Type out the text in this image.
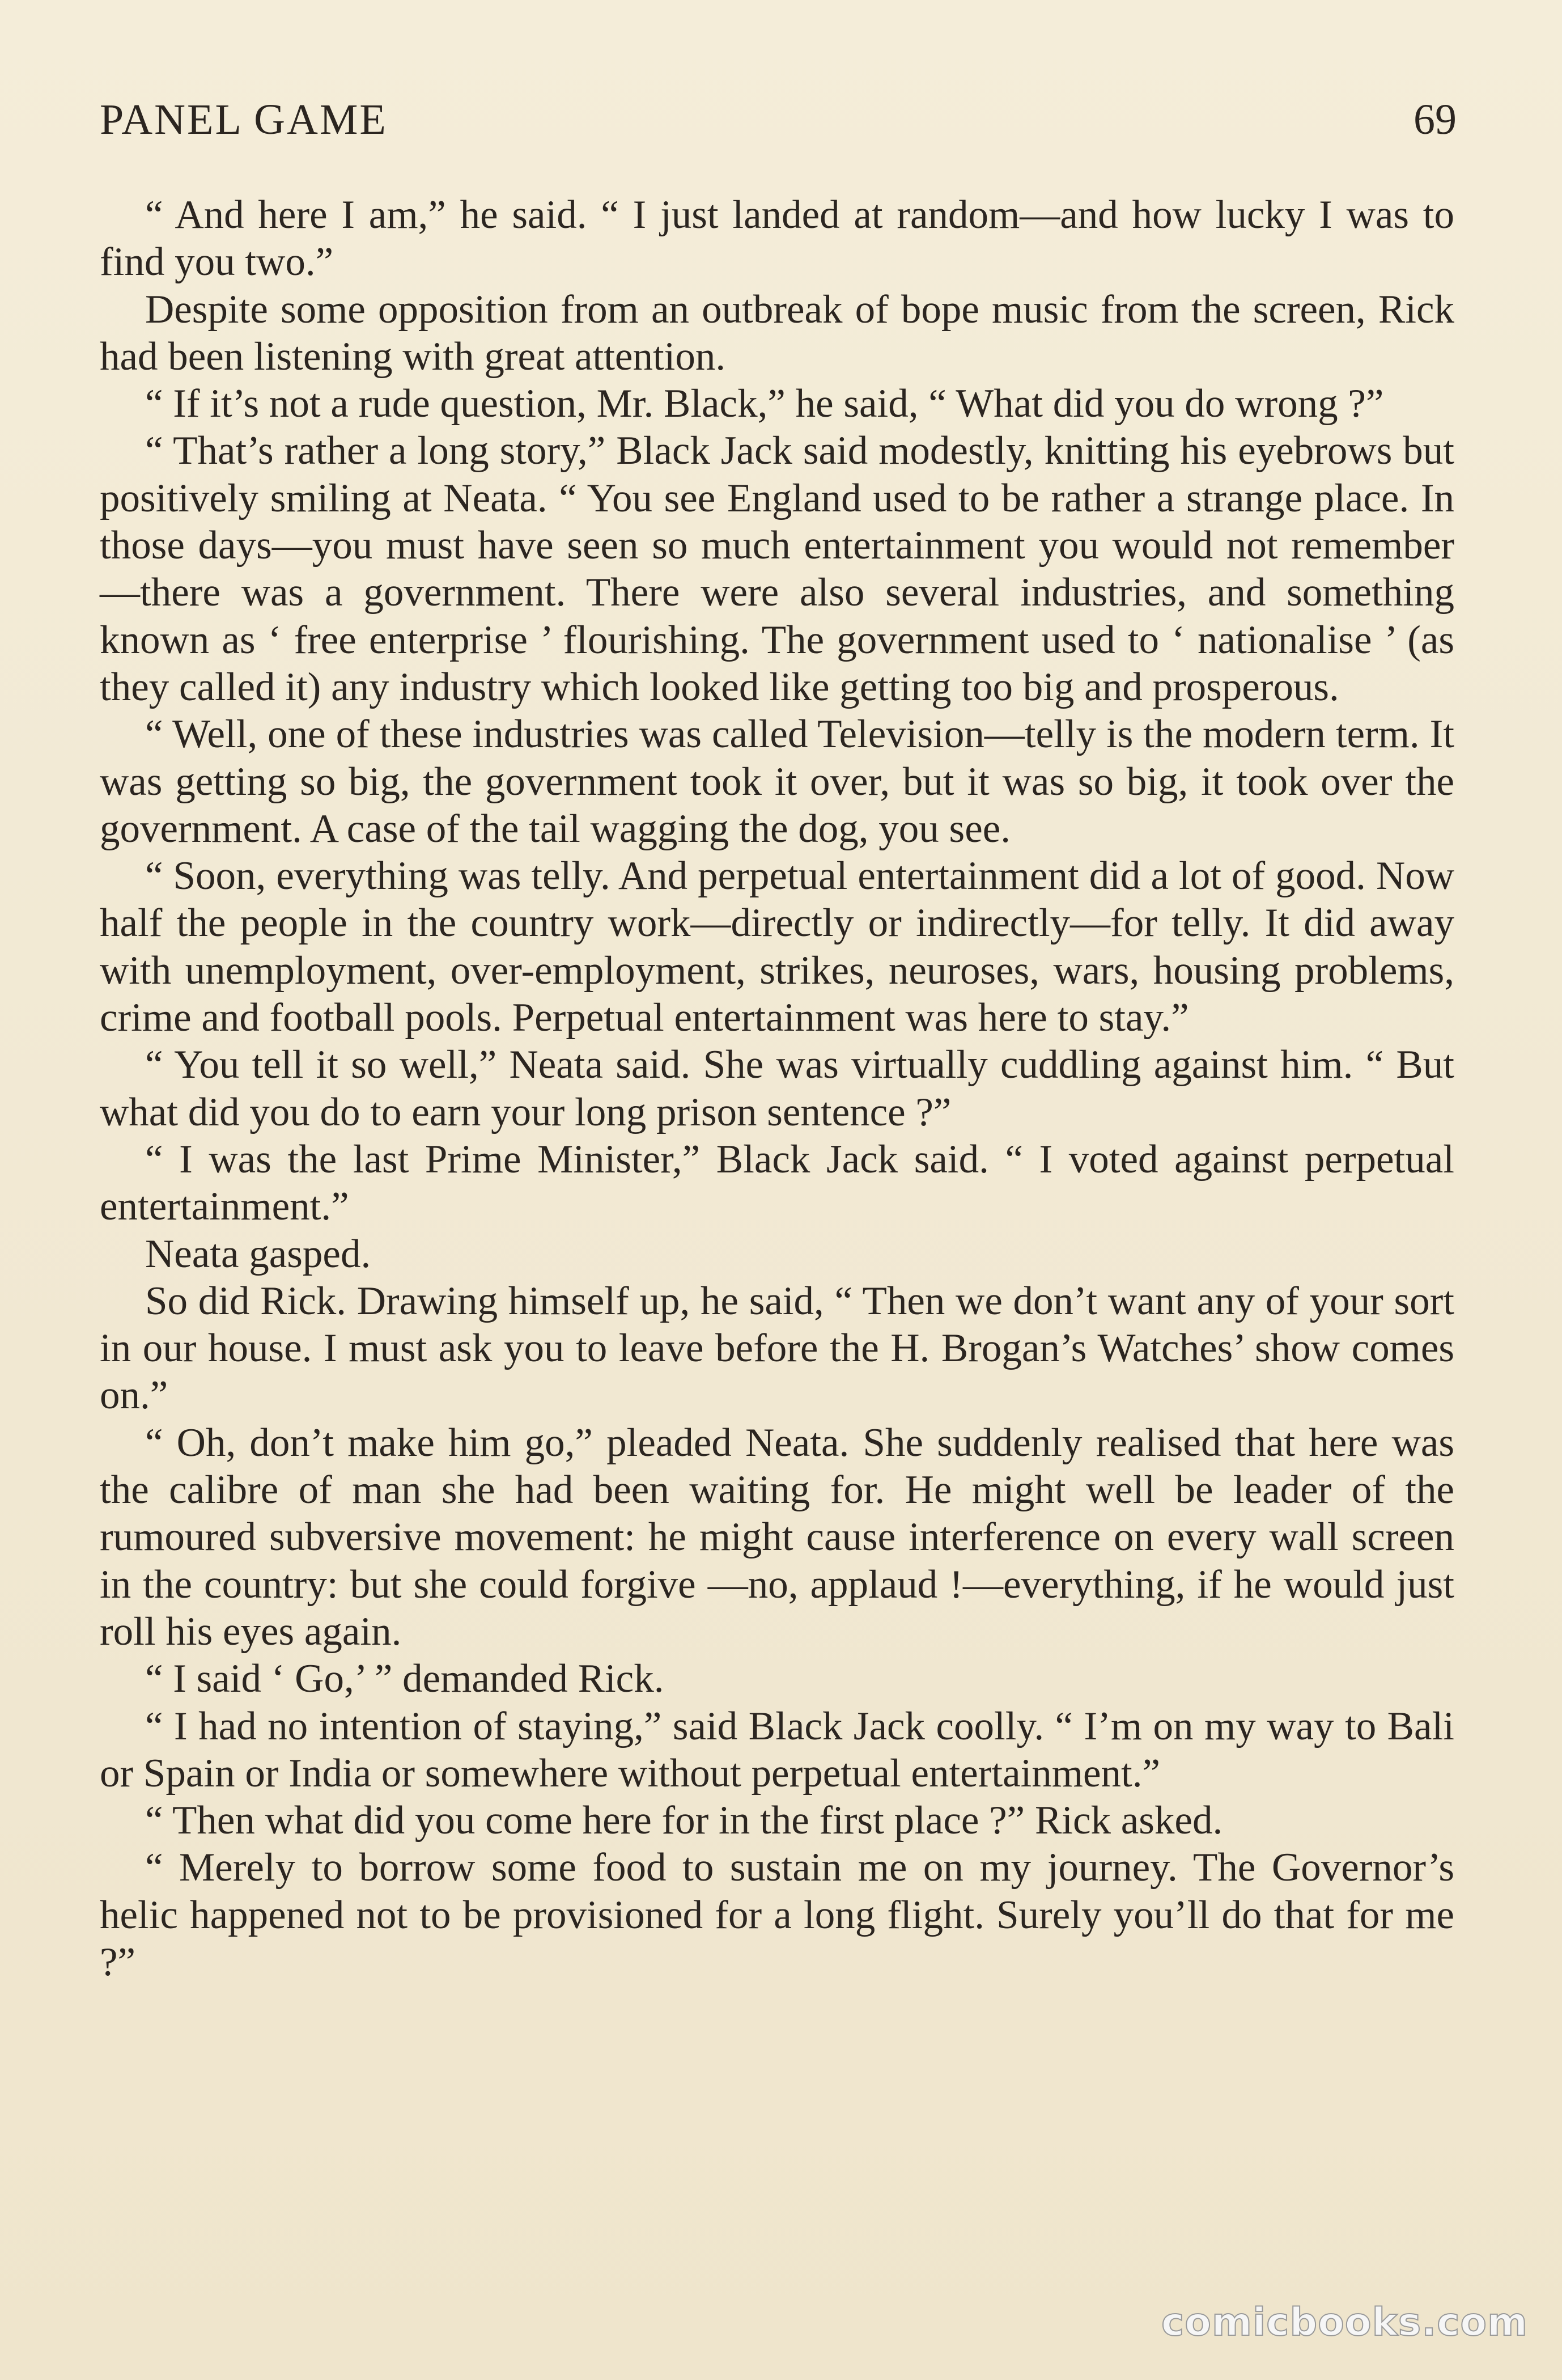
PANEL GAME	69

“ And here I am,” he said. “ I just landed at random—and how lucky I was to find you two.”

Despite some opposition from an outbreak of bope music from the screen, Rick had been listening with great attention.

“ If it’s not a rude question, Mr. Black,” he said, “ What did you do wrong ?”

“ That’s rather a long story,” Black Jack said modestly, knitting his eyebrows but positively smiling at Neata. “ You see England used to be rather a strange place. In those days—you must have seen so much entertainment you would not remember—there was a government. There were also several industries, and something known as ‘ free enterprise ’ flourishing. The government used to ‘ nationalise ’ (as they called it) any industry which looked like getting too big and prosperous.

“ Well, one of these industries was called Television—telly is the modern term. It was getting so big, the government took it over, but it was so big, it took over the government. A case of the tail wagging the dog, you see.

“ Soon, everything was telly. And perpetual entertainment did a lot of good. Now half the people in the country work—directly or indirectly—for telly. It did away with unemployment, over-employment, strikes, neuroses, wars, housing problems, crime and football pools. Perpetual entertainment was here to stay.”

“ You tell it so well,” Neata said. She was virtually cuddling against him. “ But what did you do to earn your long prison sentence ?”

“ I was the last Prime Minister,” Black Jack said. “ I voted against perpetual entertainment.”

Neata gasped.

So did Rick. Drawing himself up, he said, “ Then we don’t want any of your sort in our house. I must ask you to leave before the H. Brogan’s Watches’ show comes on.”

“ Oh, don’t make him go,” pleaded Neata. She suddenly realised that here was the calibre of man she had been waiting for. He might well be leader of the rumoured subversive movement: he might cause interference on every wall screen in the country: but she could forgive —no, applaud !—everything, if he would just roll his eyes again.

“ I said ‘ Go,’ ” demanded Rick.

“ I had no intention of staying,” said Black Jack coolly. “ I’m on my way to Bali or Spain or India or somewhere without perpetual entertainment.”

“ Then what did you come here for in the first place ?” Rick asked.

“ Merely to borrow some food to sustain me on my journey. The Governor’s helic happened not to be provisioned for a long flight. Surely you’ll do that for me ?”

comicbooks.com
